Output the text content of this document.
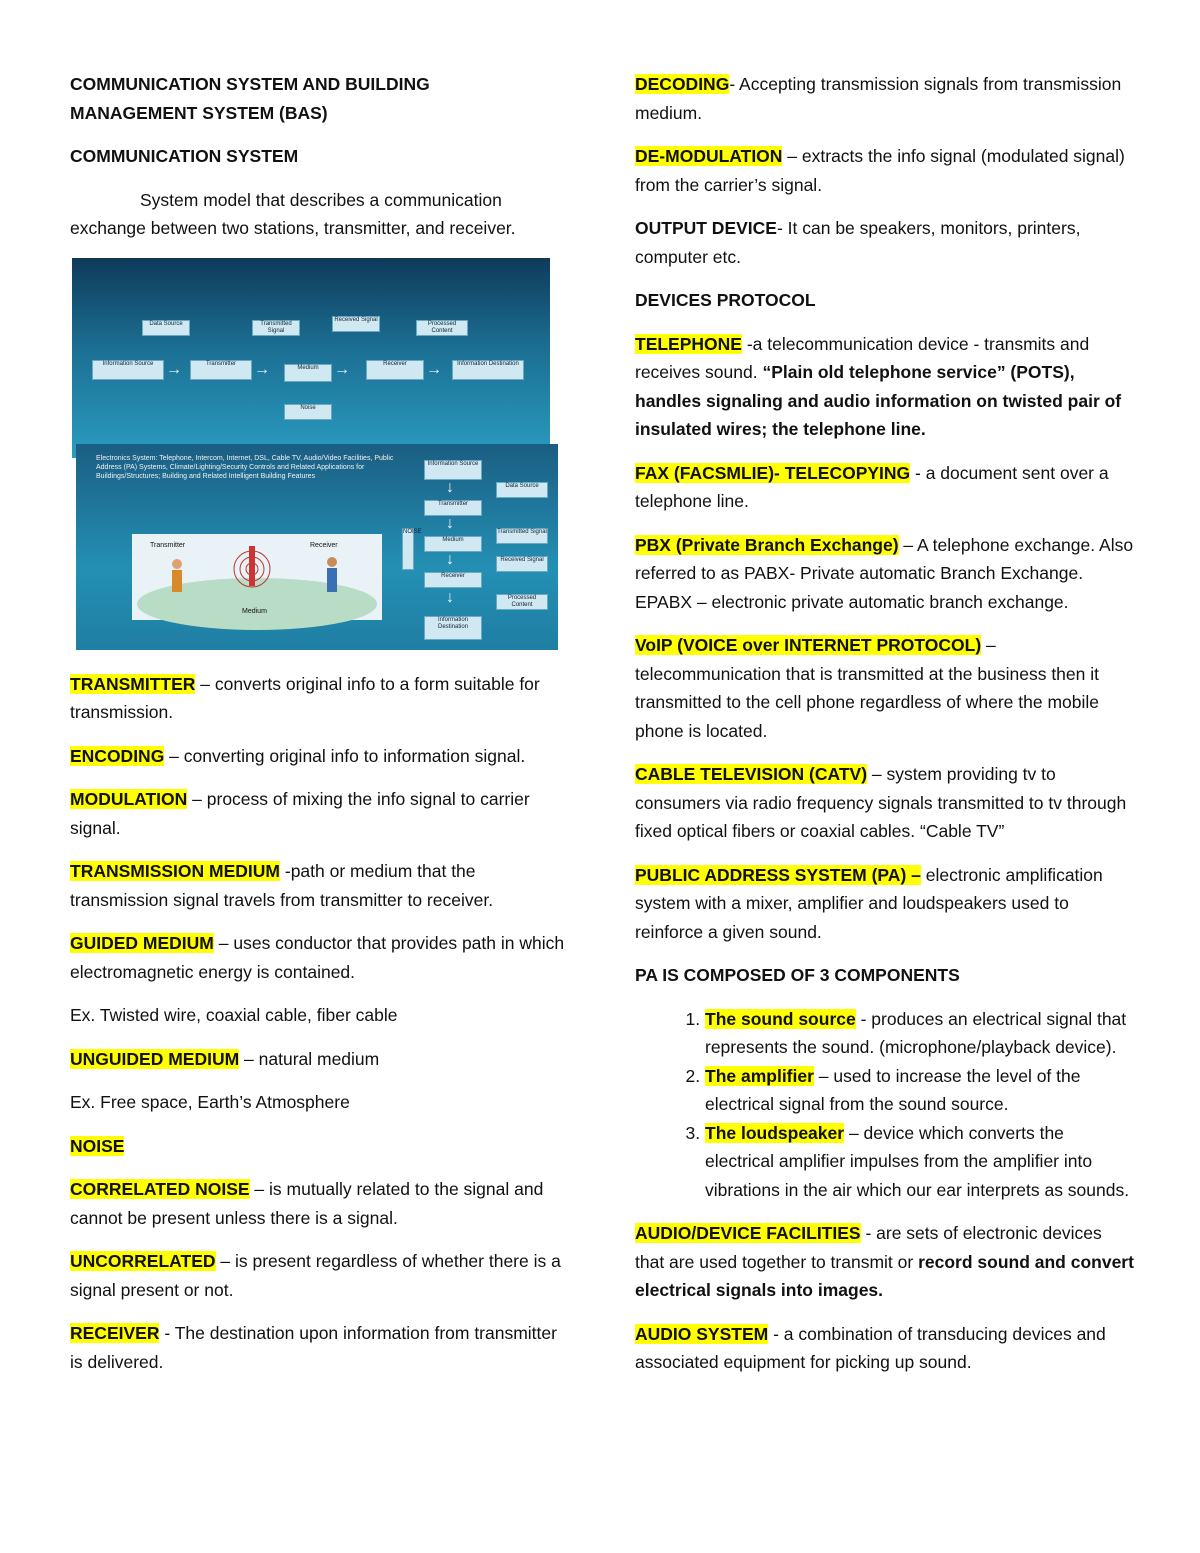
COMMUNICATION SYSTEM AND BUILDING
MANAGEMENT SYSTEM (BAS)

COMMUNICATION SYSTEM

System model that describes a communication exchange between two stations, transmitter, and receiver.

Information Source →	Transmitter	→	Medium →	Receiver	→	Information Destination
Data Source	Transmitted Signal
Received Signal
Noise
Processed Content
Electronics System: Telephone, Intercom, Internet, DSL, Cable TV, Audio/Video Facilities, Public Address (PA) Systems, Climate/Lighting/Security Controls and Related Applications for Buildings/Structures; Building and Related Intelligent Building Features
Transmitter	Receiver
Medium
Information Source
↓
Transmitter
↓
Medium
↓
Receiver
↓
Information Destination
Data Source
Transmitted Signal
Received Signal
Processed Content
NOISE

TRANSMITTER – converts original info to a form suitable for transmission.

ENCODING – converting original info to information signal.

MODULATION – process of mixing the info signal to carrier signal.

TRANSMISSION MEDIUM -path or medium that the transmission signal travels from transmitter to receiver.

GUIDED MEDIUM – uses conductor that provides path in which electromagnetic energy is contained.

Ex. Twisted wire, coaxial cable, fiber cable

UNGUIDED MEDIUM – natural medium

Ex. Free space, Earth’s Atmosphere

NOISE

CORRELATED NOISE – is mutually related to the signal and cannot be present unless there is a signal.

UNCORRELATED – is present regardless of whether there is a signal present or not.

RECEIVER - The destination upon information from transmitter is delivered.

DECODING- Accepting transmission signals from transmission medium.

DE-MODULATION – extracts the info signal (modulated signal) from the carrier’s signal.

OUTPUT DEVICE- It can be speakers, monitors, printers, computer etc.

DEVICES PROTOCOL

TELEPHONE -a telecommunication device - transmits and receives sound. “Plain old telephone service” (POTS), handles signaling and audio information on twisted pair of insulated wires; the telephone line.

FAX (FACSMLIE)- TELECOPYING - a document sent over a telephone line.

PBX (Private Branch Exchange) – A telephone exchange. Also referred to as PABX- Private automatic Branch Exchange. EPABX – electronic private automatic branch exchange.

VoIP (VOICE over INTERNET PROTOCOL) – telecommunication that is transmitted at the business then it transmitted to the cell phone regardless of where the mobile phone is located.

CABLE TELEVISION (CATV) – system providing tv to consumers via radio frequency signals transmitted to tv through fixed optical fibers or coaxial cables. “Cable TV”

PUBLIC ADDRESS SYSTEM (PA) – electronic amplification system with a mixer, amplifier and loudspeakers used to reinforce a given sound.

PA IS COMPOSED OF 3 COMPONENTS

1. The sound source - produces an electrical signal that represents the sound. (microphone/playback device).
2. The amplifier – used to increase the level of the electrical signal from the sound source.
3. The loudspeaker – device which converts the electrical amplifier impulses from the amplifier into vibrations in the air which our ear interprets as sounds.

AUDIO/DEVICE FACILITIES - are sets of electronic devices that are used together to transmit or record sound and convert electrical signals into images.

AUDIO SYSTEM - a combination of transducing devices and associated equipment for picking up sound.
